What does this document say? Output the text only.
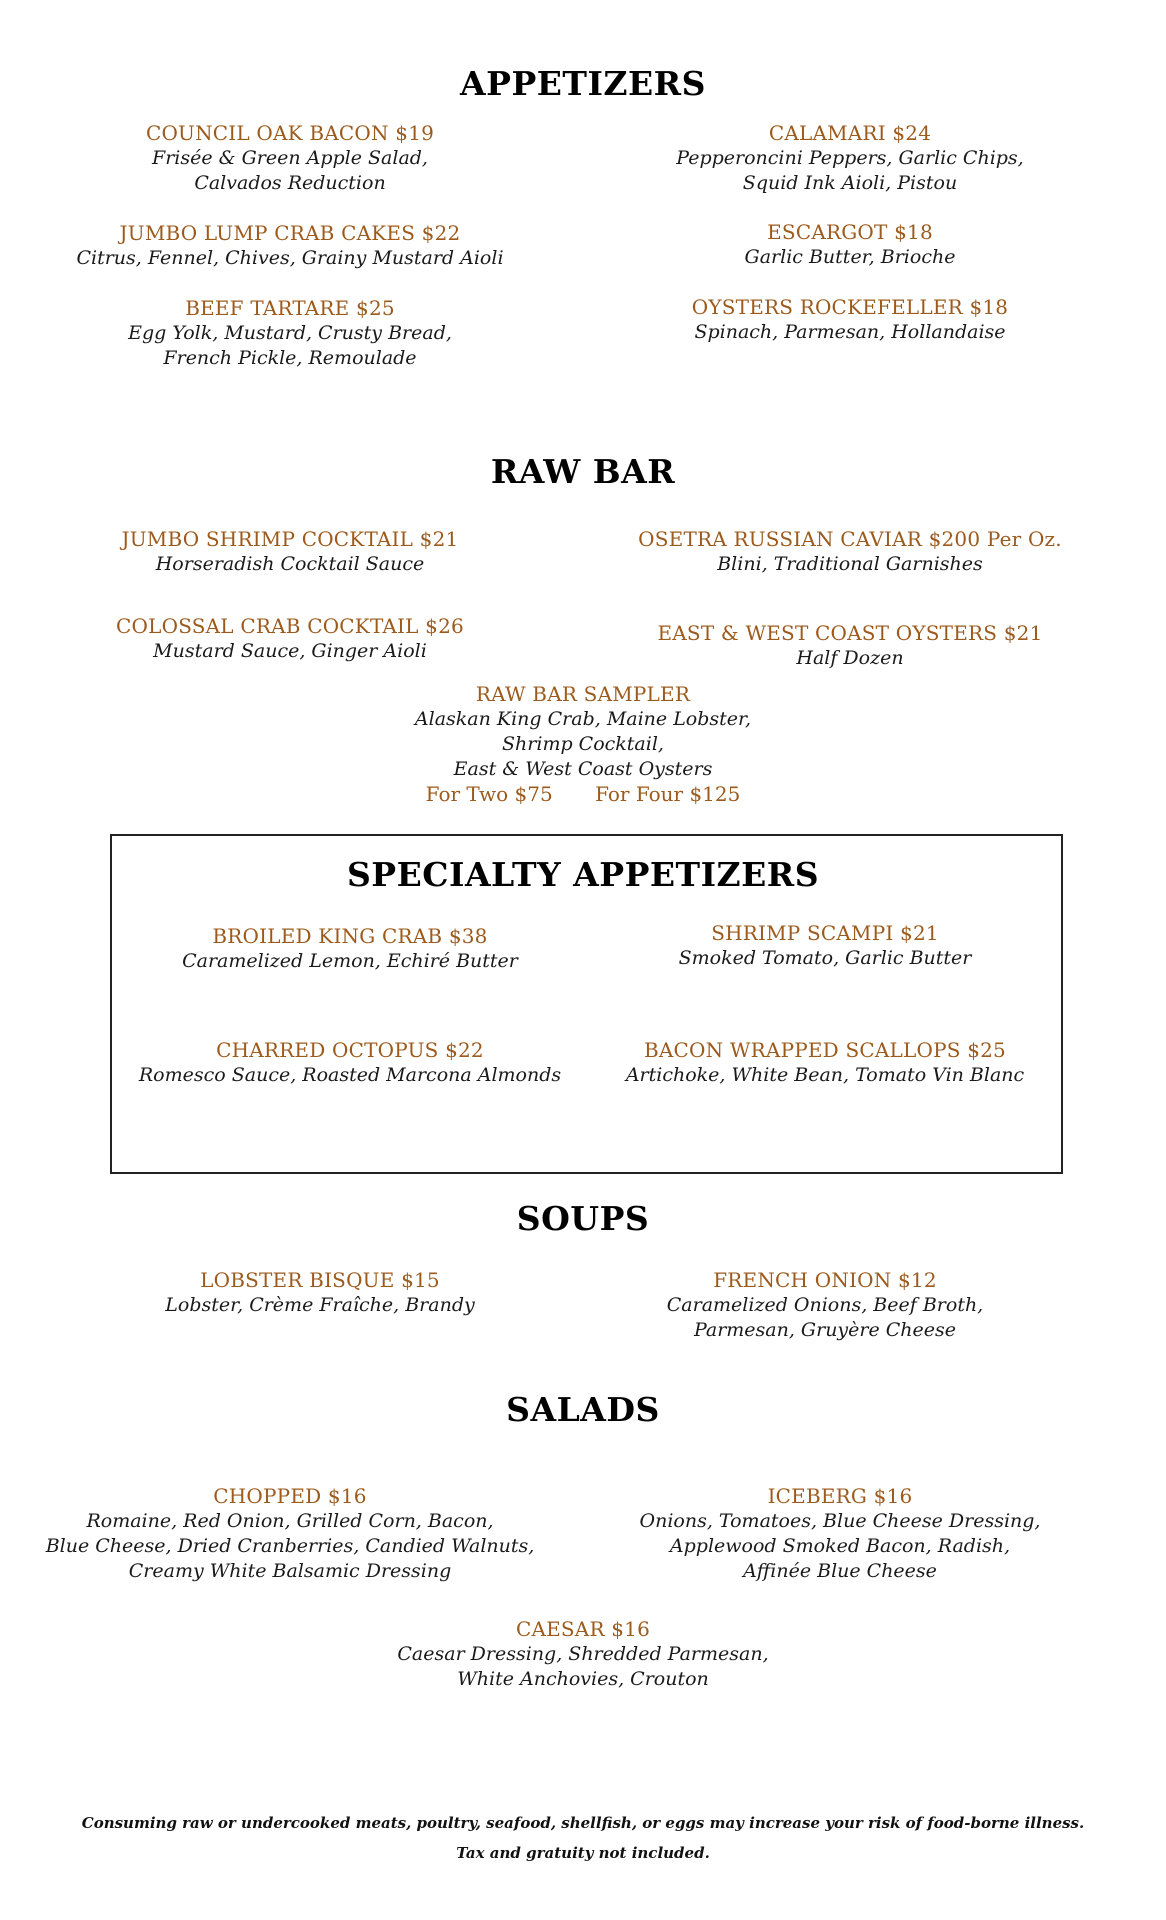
APPETIZERS
COUNCIL OAK BACON $19
Frisée & Green Apple Salad,
Calvados Reduction
CALAMARI $24
Pepperoncini Peppers, Garlic Chips,
Squid Ink Aioli, Pistou
JUMBO LUMP CRAB CAKES $22
Citrus, Fennel, Chives, Grainy Mustard Aioli
ESCARGOT $18
Garlic Butter, Brioche
BEEF TARTARE $25
Egg Yolk, Mustard, Crusty Bread,
French Pickle, Remoulade
OYSTERS ROCKEFELLER $18
Spinach, Parmesan, Hollandaise
RAW BAR
JUMBO SHRIMP COCKTAIL $21
Horseradish Cocktail Sauce
OSETRA RUSSIAN CAVIAR $200 Per Oz.
Blini, Traditional Garnishes
COLOSSAL CRAB COCKTAIL $26
Mustard Sauce, Ginger Aioli
EAST & WEST COAST OYSTERS $21
Half Dozen
RAW BAR SAMPLER
Alaskan King Crab, Maine Lobster,
Shrimp Cocktail,
East & West Coast Oysters
For Two $75 For Four $125
SPECIALTY APPETIZERS
BROILED KING CRAB $38
Caramelized Lemon, Echiré Butter
SHRIMP SCAMPI $21
Smoked Tomato, Garlic Butter
CHARRED OCTOPUS $22
Romesco Sauce, Roasted Marcona Almonds
BACON WRAPPED SCALLOPS $25
Artichoke, White Bean, Tomato Vin Blanc
SOUPS
LOBSTER BISQUE $15
Lobster, Crème Fraîche, Brandy
FRENCH ONION $12
Caramelized Onions, Beef Broth,
Parmesan, Gruyère Cheese
SALADS
CHOPPED $16
Romaine, Red Onion, Grilled Corn, Bacon,
Blue Cheese, Dried Cranberries, Candied Walnuts,
Creamy White Balsamic Dressing
ICEBERG $16
Onions, Tomatoes, Blue Cheese Dressing,
Applewood Smoked Bacon, Radish,
Affinée Blue Cheese
CAESAR $16
Caesar Dressing, Shredded Parmesan,
White Anchovies, Crouton
Consuming raw or undercooked meats, poultry, seafood, shellfish, or eggs may increase your risk of food-borne illness.
Tax and gratuity not included.
